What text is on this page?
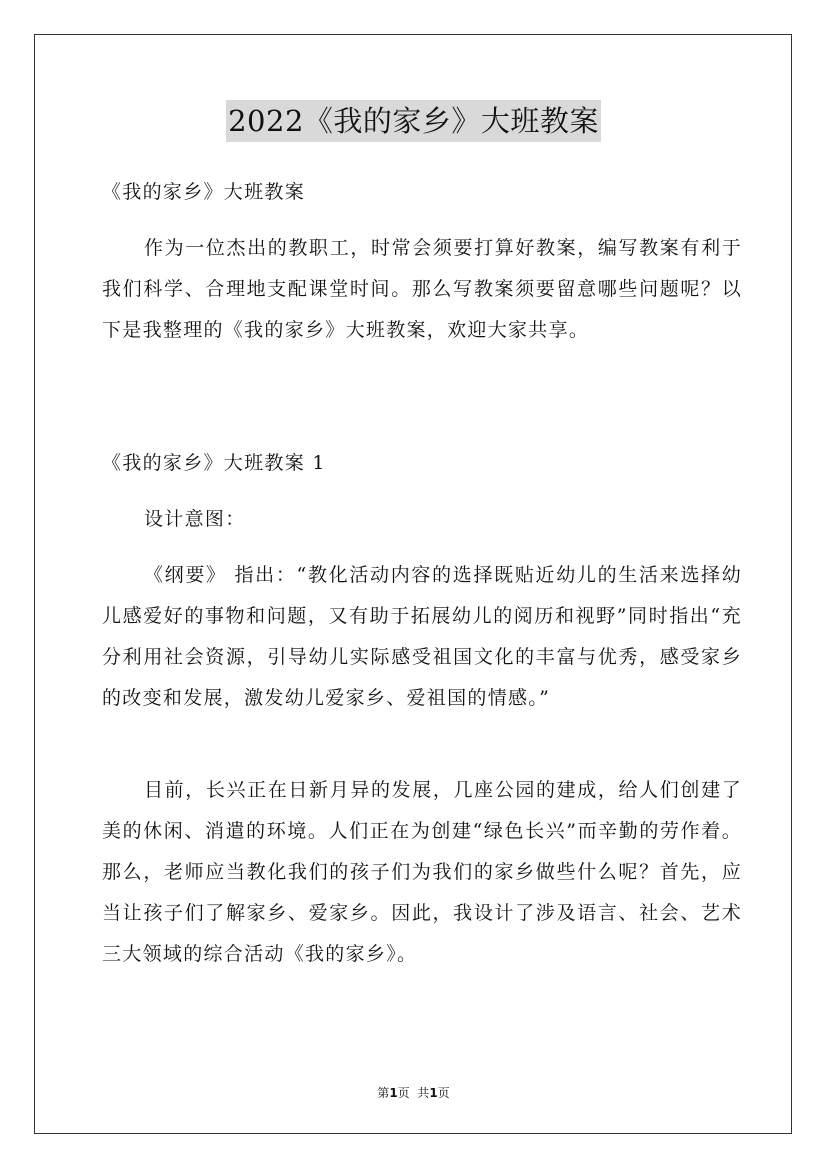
2022《我的家乡》大班教案

《我的家乡》大班教案

作为一位杰出的教职工，时常会须要打算好教案，编写教案有利于我们科学、合理地支配课堂时间。那么写教案须要留意哪些问题呢？以下是我整理的《我的家乡》大班教案，欢迎大家共享。

《我的家乡》大班教案 1

设计意图：

《纲要》 指出：“教化活动内容的选择既贴近幼儿的生活来选择幼儿感爱好的事物和问题，又有助于拓展幼儿的阅历和视野”同时指出“充分利用社会资源，引导幼儿实际感受祖国文化的丰富与优秀，感受家乡的改变和发展，激发幼儿爱家乡、爱祖国的情感。”

目前，长兴正在日新月异的发展，几座公园的建成，给人们创建了美的休闲、消遣的环境。人们正在为创建“绿色长兴”而辛勤的劳作着。那么，老师应当教化我们的孩子们为我们的家乡做些什么呢？首先，应当让孩子们了解家乡、爱家乡。因此，我设计了涉及语言、社会、艺术三大领域的综合活动《我的家乡》。

第1页  共1页
